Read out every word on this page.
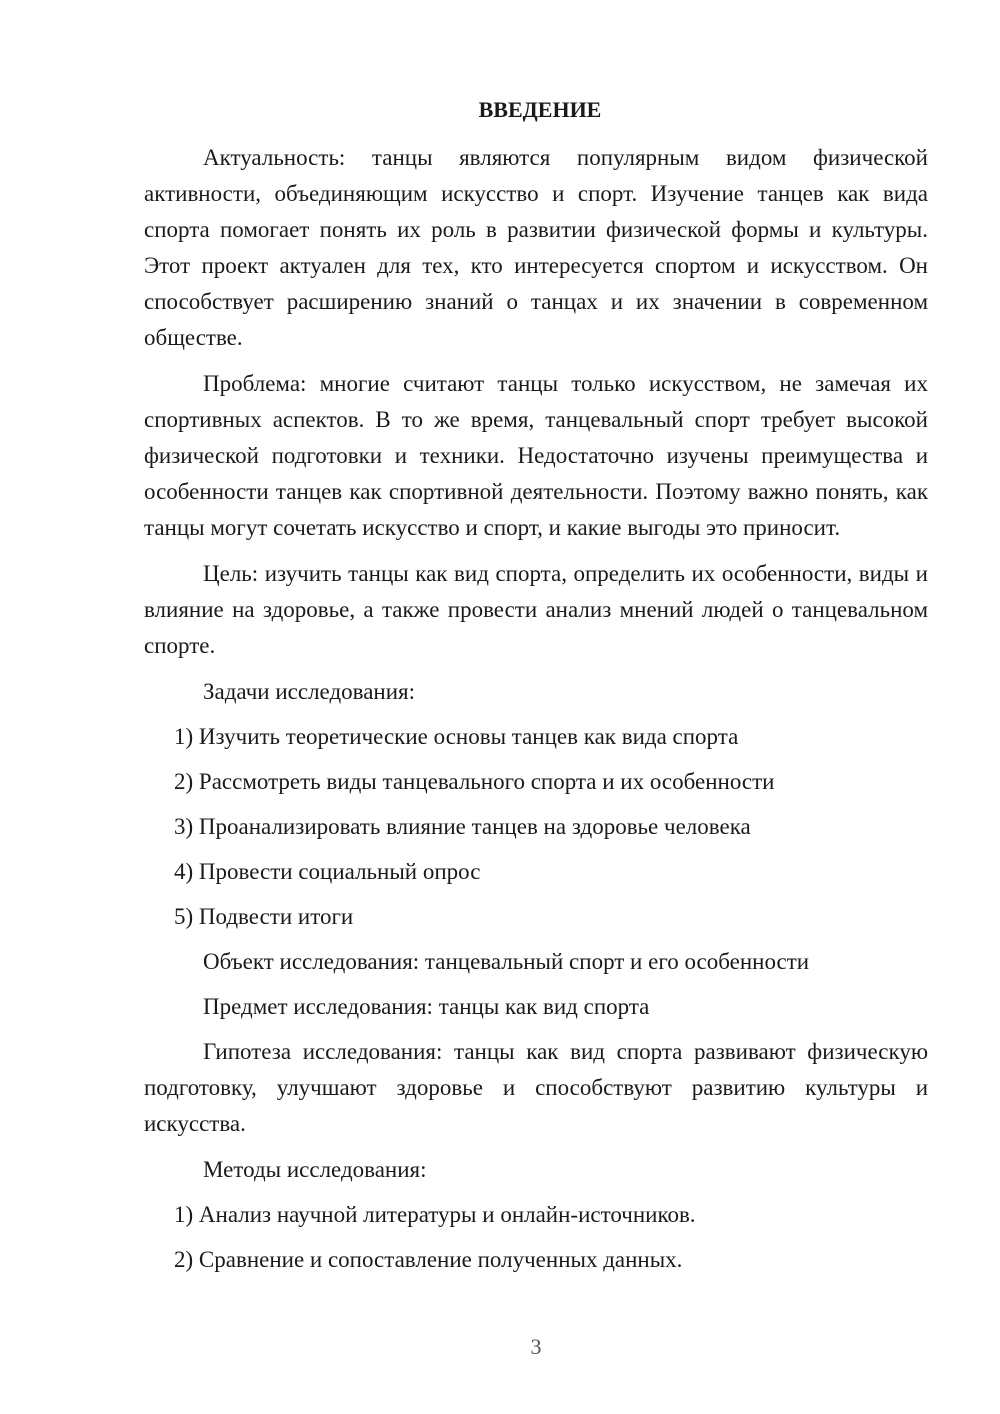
ВВЕДЕНИЕ

Актуальность: танцы являются популярным видом физической активности, объединяющим искусство и спорт. Изучение танцев как вида спорта помогает понять их роль в развитии физической формы и культуры. Этот проект актуален для тех, кто интересуется спортом и искусством. Он способствует расширению знаний о танцах и их значении в современном обществе.

Проблема: многие считают танцы только искусством, не замечая их спортивных аспектов. В то же время, танцевальный спорт требует высокой физической подготовки и техники. Недостаточно изучены преимущества и особенности танцев как спортивной деятельности. Поэтому важно понять, как танцы могут сочетать искусство и спорт, и какие выгоды это приносит.

Цель: изучить танцы как вид спорта, определить их особенности, виды и влияние на здоровье, а также провести анализ мнений людей о танцевальном спорте.

Задачи исследования:

1) Изучить теоретические основы танцев как вида спорта
2) Рассмотреть виды танцевального спорта и их особенности
3) Проанализировать влияние танцев на здоровье человека
4) Провести социальный опрос
5) Подвести итоги

Объект исследования: танцевальный спорт и его особенности

Предмет исследования: танцы как вид спорта

Гипотеза исследования: танцы как вид спорта развивают физическую подготовку, улучшают здоровье и способствуют развитию культуры и искусства.

Методы исследования:

1) Анализ научной литературы и онлайн-источников.
2) Сравнение и сопоставление полученных данных.
3
